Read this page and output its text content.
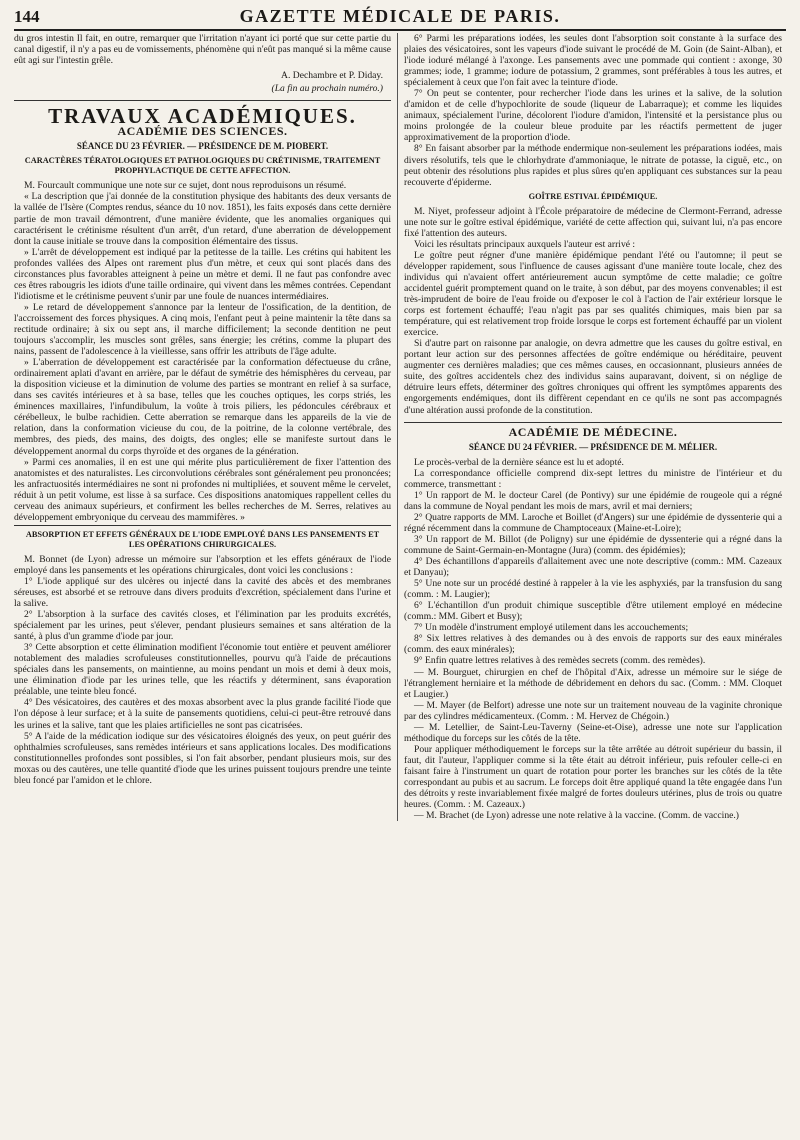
144	GAZETTE MÉDICALE DE PARIS.

du gros intestin Il fait, en outre, remarquer que l'irritation n'ayant ici porté que sur cette partie du canal digestif, il n'y a pas eu de vomissements, phénomène qui n'eût pas manqué si la même cause eût agi sur l'intestin grêle.

A. Dechambre et P. Diday.
(La fin au prochain numéro.)
TRAVAUX ACADÉMIQUES.
ACADÉMIE DES SCIENCES.
SÉANCE DU 23 FÉVRIER. — PRÉSIDENCE DE M. PIOBERT.
CARACTÈRES TÉRATOLOGIQUES ET PATHOLOGIQUES DU CRÉTINISME, TRAITEMENT PROPHYLACTIQUE DE CETTE AFFECTION.

M. Fourcault communique une note sur ce sujet, dont nous reproduisons un résumé.

« La description que j'ai donnée de la constitution physique des habitants des deux versants de la vallée de l'Isère (Comptes rendus, séance du 10 nov. 1851), les faits exposés dans cette dernière partie de mon travail démontrent, d'une manière évidente, que les anomalies organiques qui caractérisent le crétinisme résultent d'un arrêt, d'un retard, d'une aberration de développement dont la cause initiale se trouve dans la composition élémentaire des tissus.

» L'arrêt de développement est indiqué par la petitesse de la taille. Les crétins qui habitent les profondes vallées des Alpes ont rarement plus d'un mètre, et ceux qui sont placés dans des circonstances plus favorables atteignent à peine un mètre et demi. Il ne faut pas confondre avec ces êtres rabougris les idiots d'une taille ordinaire, qui vivent dans les mêmes contrées. Cependant l'idiotisme et le crétinisme peuvent s'unir par une foule de nuances intermédiaires.

» Le retard de développement s'annonce par la lenteur de l'ossification, de la dentition, de l'accroissement des forces physiques. A cinq mois, l'enfant peut à peine maintenir la tête dans sa rectitude ordinaire; à six ou sept ans, il marche difficilement; la seconde dentition ne peut toujours s'accomplir, les muscles sont grêles, sans énergie; les crétins, comme la plupart des nains, passent de l'adolescence à la vieillesse, sans offrir les attributs de l'âge adulte.

» L'aberration de développement est caractérisée par la conformation défectueuse du crâne, ordinairement aplati d'avant en arrière, par le défaut de symétrie des hémisphères du cerveau, par la disposition vicieuse et la diminution de volume des parties se montrant en relief à sa surface, dans ses cavités intérieures et à sa base, telles que les couches optiques, les corps striés, les éminences maxillaires, l'infundibulum, la voûte à trois piliers, les pédoncules cérébraux et cérébelleux, le bulbe rachidien. Cette aberration se remarque dans les appareils de la vie de relation, dans la conformation vicieuse du cou, de la poitrine, de la colonne vertébrale, des membres, des pieds, des mains, des doigts, des ongles; elle se manifeste surtout dans le développement anormal du corps thyroïde et des organes de la génération.

» Parmi ces anomalies, il en est une qui mérite plus particulièrement de fixer l'attention des anatomistes et des naturalistes. Les circonvolutions cérébrales sont généralement peu prononcées; les anfractuosités intermédiaires ne sont ni profondes ni multipliées, et souvent même le cervelet, réduit à un petit volume, est lisse à sa surface. Ces dispositions anatomiques rappellent celles du cerveau des animaux supérieurs, et confirment les belles recherches de M. Serres, relatives au développement embryonique du cerveau des mammifères. »

ABSORPTION ET EFFETS GÉNÉRAUX DE L'IODE EMPLOYÉ DANS LES PANSEMENTS ET LES OPÉRATIONS CHIRURGICALES.

M. Bonnet (de Lyon) adresse un mémoire sur l'absorption et les effets généraux de l'iode employé dans les pansements et les opérations chirurgicales, dont voici les conclusions :

1° L'iode appliqué sur des ulcères ou injecté dans la cavité des abcès et des membranes séreuses, est absorbé et se retrouve dans divers produits d'excrétion, spécialement dans l'urine et la salive.

2° L'absorption à la surface des cavités closes, et l'élimination par les produits excrétés, spécialement par les urines, peut s'élever, pendant plusieurs semaines et sans altération de la santé, à plus d'un gramme d'iode par jour.

3° Cette absorption et cette élimination modifient l'économie tout entière et peuvent améliorer notablement des maladies scrofuleuses constitutionnelles, pourvu qu'à l'aide de précautions spéciales dans les pansements, on maintienne, au moins pendant un mois et demi à deux mois, une élimination d'iode par les urines telle, que les réactifs y déterminent, sans évaporation préalable, une teinte bleu foncé.

4° Des vésicatoires, des cautères et des moxas absorbent avec la plus grande facilité l'iode que l'on dépose à leur surface; et à la suite de pansements quotidiens, celui-ci peut-être retrouvé dans les urines et la salive, tant que les plaies artificielles ne sont pas cicatrisées.

5° A l'aide de la médication iodique sur des vésicatoires éloignés des yeux, on peut guérir des ophthalmies scrofuleuses, sans remèdes intérieurs et sans applications locales. Des modifications constitutionnelles profondes sont possibles, si l'on fait absorber, pendant plusieurs mois, sur des moxas ou des cautères, une telle quantité d'iode que les urines puissent toujours prendre une teinte bleu foncé par l'amidon et le chlore.

6° Parmi les préparations iodées, les seules dont l'absorption soit constante à la surface des plaies des vésicatoires, sont les vapeurs d'iode suivant le procédé de M. Goin (de Saint-Alban), et l'iode ioduré mélangé à l'axonge. Les pansements avec une pommade qui contient : axonge, 30 grammes; iode, 1 gramme; iodure de potassium, 2 grammes, sont préférables à tous les autres, et spécialement à ceux que l'on fait avec la teinture d'iode.

7° On peut se contenter, pour rechercher l'iode dans les urines et la salive, de la solution d'amidon et de celle d'hypochlorite de soude (liqueur de Labarraque); et comme les liquides animaux, spécialement l'urine, décolorent l'iodure d'amidon, l'intensité et la persistance plus ou moins prolongée de la couleur bleue produite par les réactifs permettent de juger approximativement de la proportion d'iode.

8° En faisant absorber par la méthode endermique non-seulement les préparations iodées, mais divers résolutifs, tels que le chlorhydrate d'ammoniaque, le nitrate de potasse, la ciguë, etc., on peut obtenir des résolutions plus rapides et plus sûres qu'en appliquant ces substances sur la peau recouverte d'épiderme.

GOÎTRE ESTIVAL ÉPIDÉMIQUE.

M. Niyet, professeur adjoint à l'École préparatoire de médecine de Clermont-Ferrand, adresse une note sur le goître estival épidémique, variété de cette affection qui, suivant lui, n'a pas encore fixé l'attention des auteurs.

Voici les résultats principaux auxquels l'auteur est arrivé :

Le goître peut régner d'une manière épidémique pendant l'été ou l'automne; il peut se développer rapidement, sous l'influence de causes agissant d'une manière toute locale, chez des individus qui n'avaient offert antérieurement aucun symptôme de cette maladie; ce goître accidentel guérit promptement quand on le traite, à son début, par des moyens convenables; il est très-imprudent de boire de l'eau froide ou d'exposer le col à l'action de l'air extérieur lorsque le corps est fortement échauffé; l'eau n'agit pas par ses qualités chimiques, mais bien par sa température, qui est relativement trop froide lorsque le corps est fortement échauffé par un violent exercice.

Si d'autre part on raisonne par analogie, on devra admettre que les causes du goître estival, en portant leur action sur des personnes affectées de goître endémique ou héréditaire, peuvent augmenter ces dernières maladies; que ces mêmes causes, en occasionnant, plusieurs années de suite, des goîtres accidentels chez des individus sains auparavant, doivent, si on néglige de détruire leurs effets, déterminer des goîtres chroniques qui offrent les symptômes apparents des engorgements endémiques, dont ils diffèrent cependant en ce qu'ils ne sont pas accompagnés d'une altération aussi profonde de la constitution.

ACADÉMIE DE MÉDECINE.
SÉANCE DU 24 FÉVRIER. — PRÉSIDENCE DE M. MÉLIER.

Le procès-verbal de la dernière séance est lu et adopté.

La correspondance officielle comprend dix-sept lettres du ministre de l'intérieur et du commerce, transmettant :

1° Un rapport de M. le docteur Carel (de Pontivy) sur une épidémie de rougeole qui a régné dans la commune de Noyal pendant les mois de mars, avril et mai derniers;

2° Quatre rapports de MM. Laroche et Boillet (d'Angers) sur une épidémie de dyssenterie qui a régné récemment dans la commune de Champtoceaux (Maine-et-Loire);

3° Un rapport de M. Billot (de Poligny) sur une épidémie de dyssenterie qui a régné dans la commune de Saint-Germain-en-Montagne (Jura) (comm. des épidémies);

4° Des échantillons d'appareils d'allaitement avec une note descriptive (comm.: MM. Cazeaux et Danyau);

5° Une note sur un procédé destiné à rappeler à la vie les asphyxiés, par la transfusion du sang (comm. : M. Laugier);

6° L'échantillon d'un produit chimique susceptible d'être utilement employé en médecine (comm.: MM. Gibert et Busy);

7° Un modèle d'instrument employé utilement dans les accouchements;

8° Six lettres relatives à des demandes ou à des envois de rapports sur des eaux minérales (comm. des eaux minérales);

9° Enfin quatre lettres relatives à des remèdes secrets (comm. des remèdes).

— M. Bourguet, chirurgien en chef de l'hôpital d'Aix, adresse un mémoire sur le siége de l'étranglement herniaire et la méthode de débridement en dehors du sac. (Comm. : MM. Cloquet et Laugier.)

— M. Mayer (de Belfort) adresse une note sur un traitement nouveau de la vaginite chronique par des cylindres médicamenteux. (Comm. : M. Hervez de Chégoin.)

— M. Letellier, de Saint-Leu-Taverny (Seine-et-Oise), adresse une note sur l'application méthodique du forceps sur les côtés de la tête.

Pour appliquer méthodiquement le forceps sur la tête arrêtée au détroit supérieur du bassin, il faut, dit l'auteur, l'appliquer comme si la tête était au détroit inférieur, puis refouler celle-ci en faisant faire à l'instrument un quart de rotation pour porter les branches sur les côtés de la tête correspondant au pubis et au sacrum. Le forceps doit être appliqué quand la tête engagée dans l'un des détroits y reste invariablement fixée malgré de fortes douleurs utérines, plus de trois ou quatre heures. (Comm. : M. Cazeaux.)

— M. Brachet (de Lyon) adresse une note relative à la vaccine. (Comm. de vaccine.)
